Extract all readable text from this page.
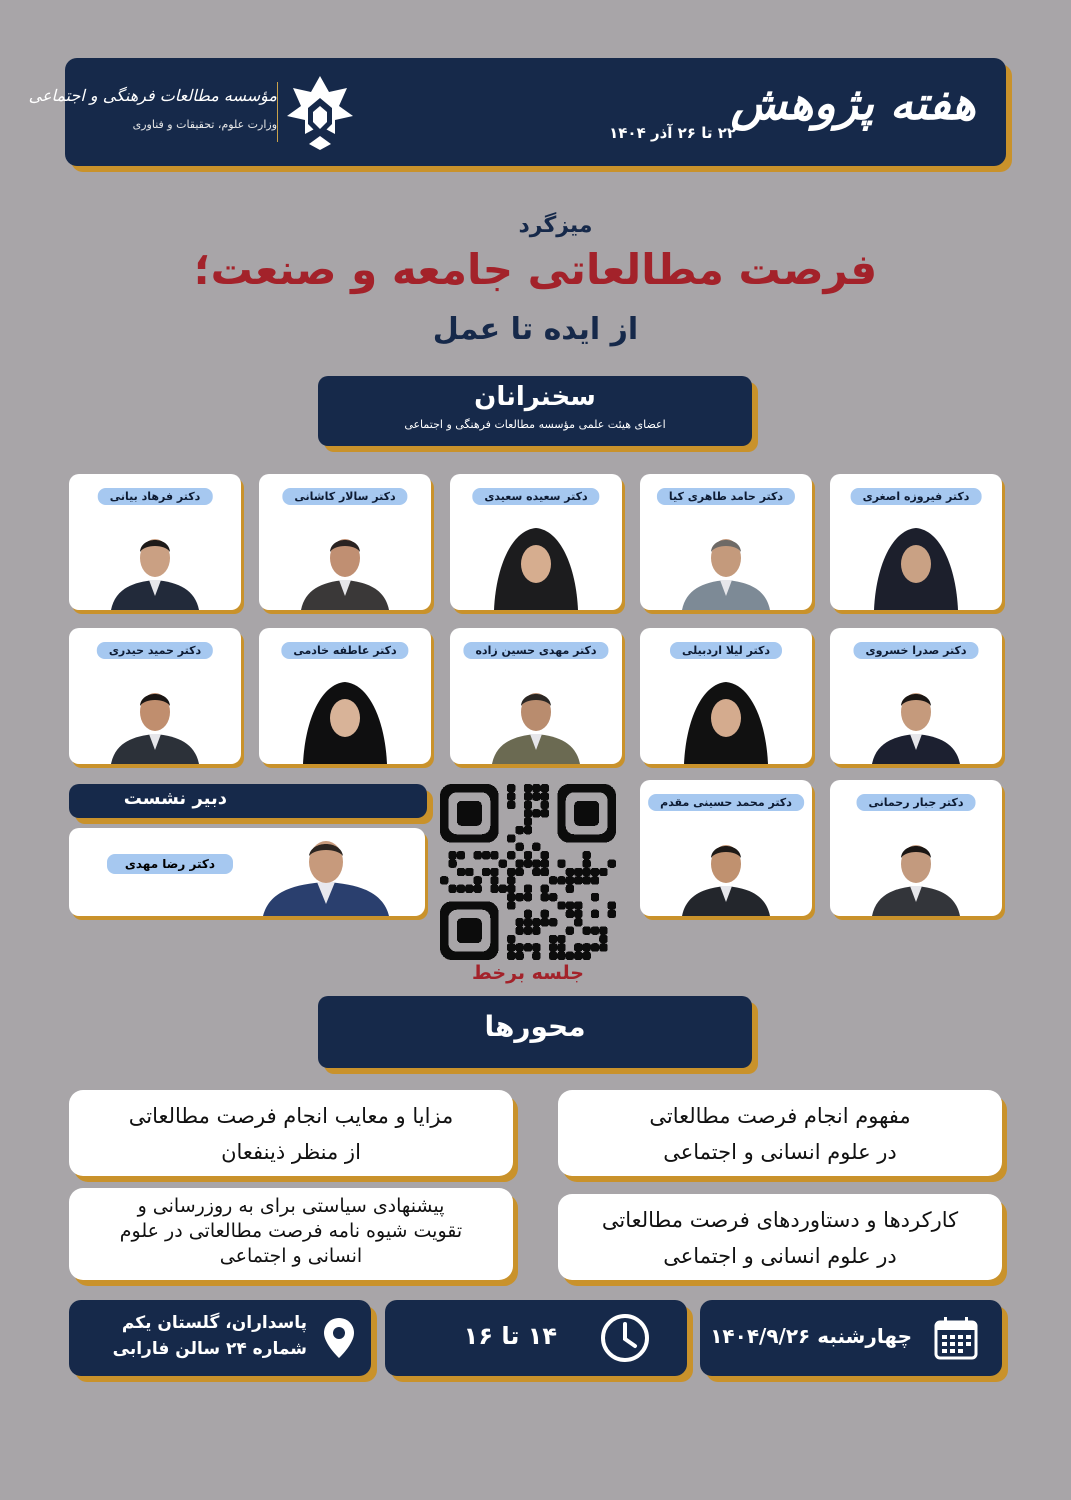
هفته پژوهش
۲۲ تا ۲۶ آذر ۱۴۰۴
مؤسسه مطالعات فرهنگی و اجتماعی
وزارت علوم، تحقیقات و فناوری
میزگرد
فرصت مطالعاتی جامعه و صنعت؛
از ایده تا عمل
سخنرانان
اعضای هیئت علمی مؤسسه مطالعات فرهنگی و اجتماعی
دکتر فیروزه اصغری
دکتر حامد طاهری کیا
دکتر سعیده سعیدی
دکتر سالار کاشانی
دکتر فرهاد بیانی
دکتر صدرا خسروی
دکتر لیلا اردبیلی
دکتر مهدی حسین زاده
دکتر عاطفه خادمی
دکتر حمید حیدری
دکتر جبار رحمانی
دکتر محمد حسینی مقدم
دبیر نشست
دکتر رضا مهدی
جلسه برخط
محورها
مفهوم انجام فرصت مطالعاتی
در علوم انسانی و اجتماعی
مزایا و معایب انجام فرصت مطالعاتی
از منظر ذینفعان
کارکردها و دستاوردهای فرصت مطالعاتی
در علوم انسانی و اجتماعی
پیشنهادی سیاستی برای به روزرسانی و
تقویت شیوه نامه فرصت مطالعاتی در علوم
انسانی و اجتماعی
چهارشنبه ۱۴۰۴/۹/۲۶
۱۴ تا ۱۶
پاسداران، گلستان یکم
شماره ۲۴ سالن فارابی
